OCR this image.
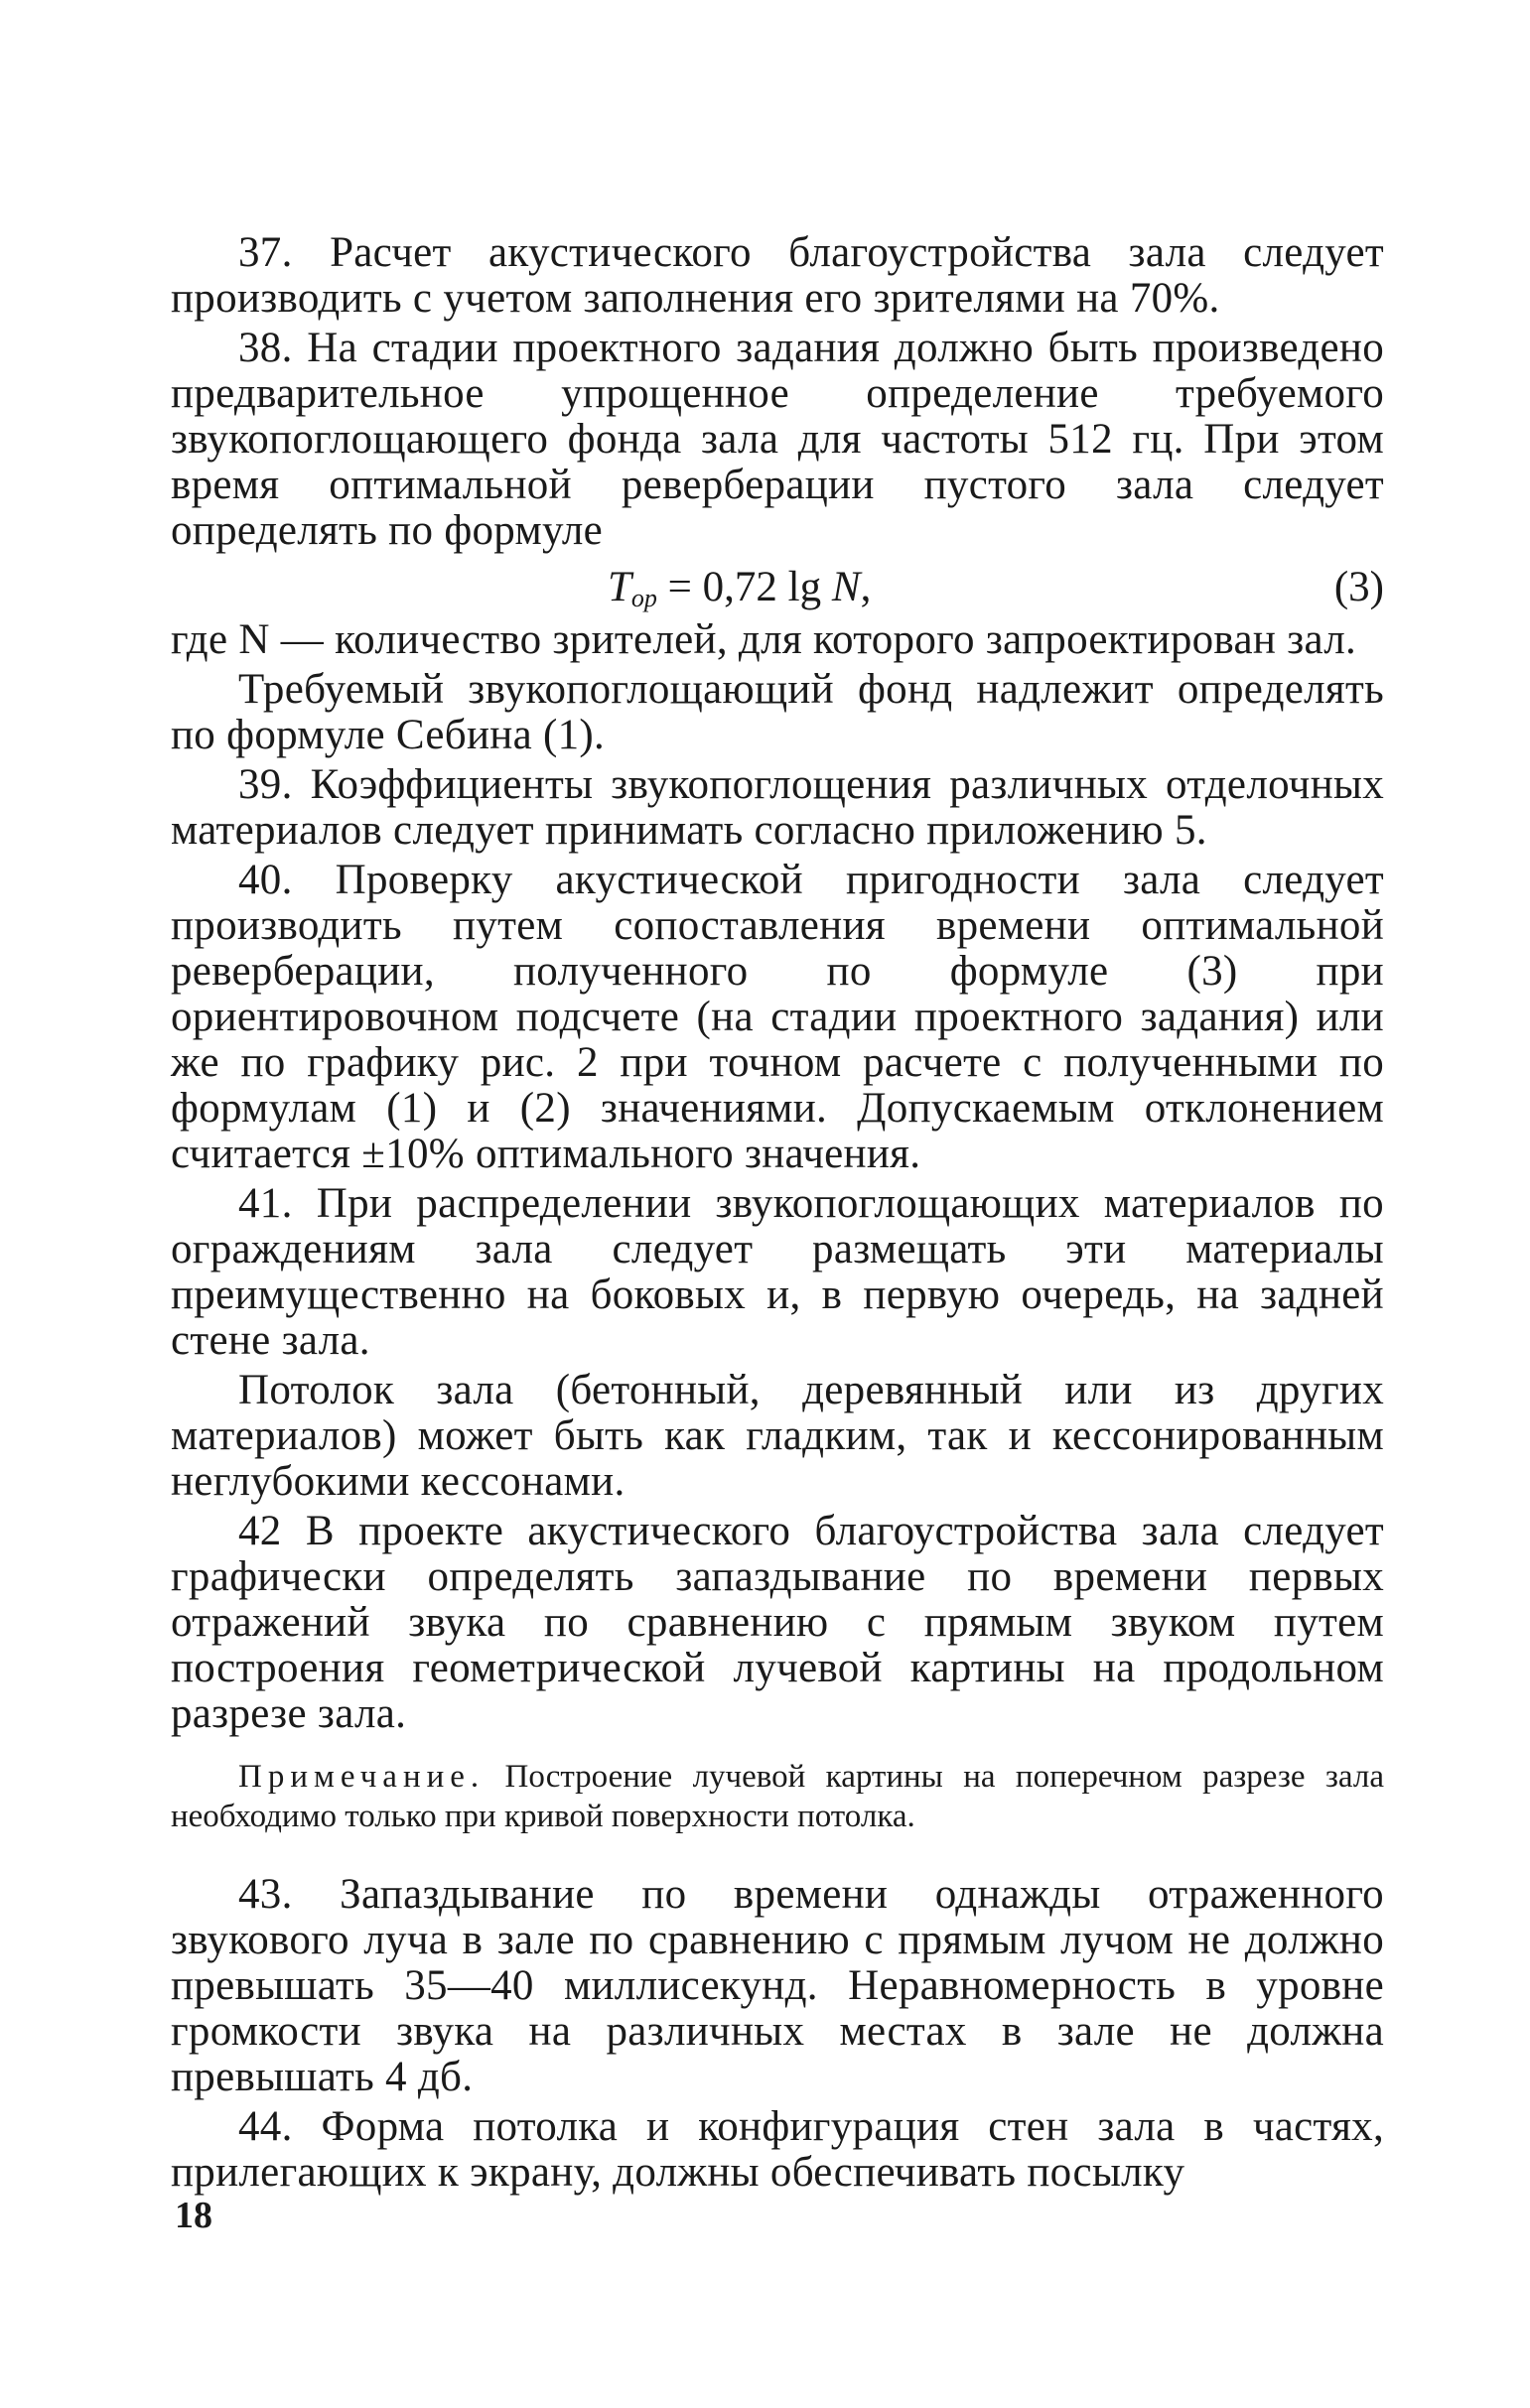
37. Расчет акустического благоустройства зала следует производить с учетом заполнения его зрителями на 70%.

38. На стадии проектного задания должно быть произведено предварительное упрощенное определение требуемого звукопоглощающего фонда зала для частоты 512 гц. При этом время оптимальной реверберации пустого зала следует определять по формуле

$T_{op} = 0,72$ lg N,	(3)

где N — количество зрителей, для которого запроектирован зал.

Требуемый звукопоглощающий фонд надлежит определять по формуле Себина (1).

39. Коэффициенты звукопоглощения различных отделочных материалов следует принимать согласно приложению 5.

40. Проверку акустической пригодности зала следует производить путем сопоставления времени оптимальной реверберации, полученного по формуле (3) при ориентировочном подсчете (на стадии проектного задания) или же по графику рис. 2 при точном расчете с полученными по формулам (1) и (2) значениями. Допускаемым отклонением считается ±10% оптимального значения.

41. При распределении звукопоглощающих материалов по ограждениям зала следует размещать эти материалы преимущественно на боковых и, в первую очередь, на задней стене зала.

Потолок зала (бетонный, деревянный или из других материалов) может быть как гладким, так и кессонированным неглубокими кессонами.

42 В проекте акустического благоустройства зала следует графически определять запаздывание по времени первых отражений звука по сравнению с прямым звуком путем построения геометрической лучевой картины на продольном разрезе зала.

Примечание. Построение лучевой картины на поперечном разрезе зала необходимо только при кривой поверхности потолка.

43. Запаздывание по времени однажды отраженного звукового луча в зале по сравнению с прямым лучом не должно превышать 35—40 миллисекунд. Неравномерность в уровне громкости звука на различных местах в зале не должна превышать 4 дб.

44. Форма потолка и конфигурация стен зала в частях, прилегающих к экрану, должны обеспечивать посылку

18
